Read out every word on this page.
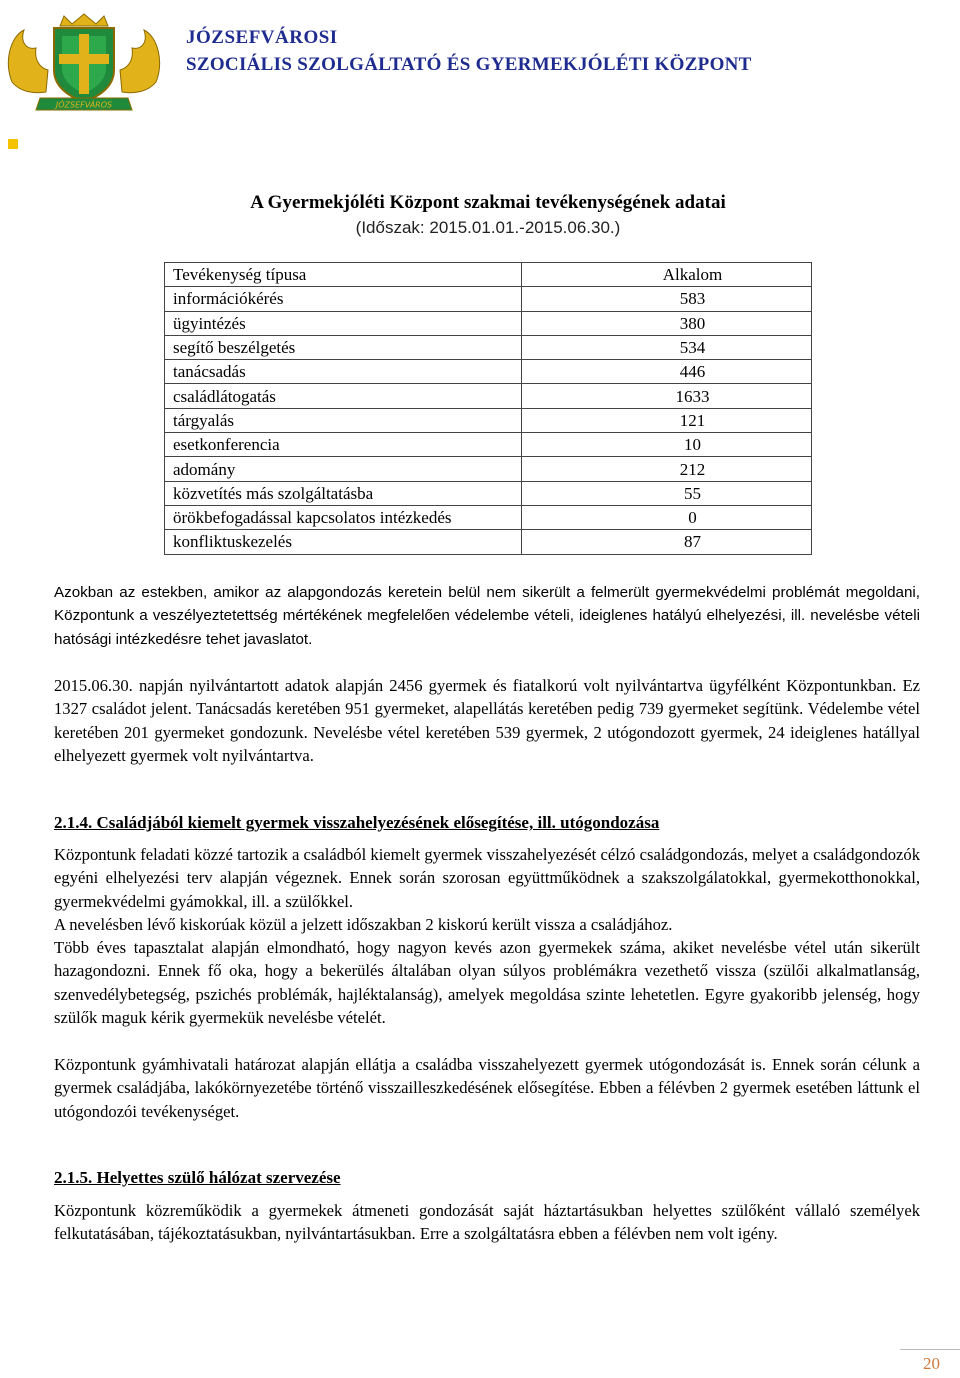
JÓZSEFVÁROS
JÓZSEFVÁROSI
SZOCIÁLIS SZOLGÁLTATÓ ÉS GYERMEKJÓLÉTI KÖZPONT
A Gyermekjóléti Központ szakmai tevékenységének adatai
(Időszak: 2015.01.01.-2015.06.30.)
Tevékenység típusa	Alkalom
információkérés	583
ügyintézés	380
segítő beszélgetés	534
tanácsadás	446
családlátogatás	1633
tárgyalás	121
esetkonferencia	10
adomány	212
közvetítés más szolgáltatásba	55
örökbefogadással kapcsolatos intézkedés	0
konfliktuskezelés	87

Azokban az estekben, amikor az alapgondozás keretein belül nem sikerült a felmerült gyermekvédelmi problémát megoldani, Központunk a veszélyeztetettség mértékének megfelelően védelembe vételi, ideiglenes hatályú elhelyezési, ill. nevelésbe vételi hatósági intézkedésre tehet javaslatot.

2015.06.30. napján nyilvántartott adatok alapján 2456 gyermek és fiatalkorú volt nyilvántartva ügyfélként Központunkban. Ez 1327 családot jelent. Tanácsadás keretében 951 gyermeket, alapellátás keretében pedig 739 gyermeket segítünk. Védelembe vétel keretében 201 gyermeket gondozunk. Nevelésbe vétel keretében 539 gyermek, 2 utógondozott gyermek, 24 ideiglenes hatállyal elhelyezett gyermek volt nyilvántartva.

2.1.4. Családjából kiemelt gyermek visszahelyezésének elősegítése, ill. utógondozása

Központunk feladati közzé tartozik a családból kiemelt gyermek visszahelyezését célzó családgondozás, melyet a családgondozók egyéni elhelyezési terv alapján végeznek. Ennek során szorosan együttműködnek a szakszolgálatokkal, gyermekotthonokkal, gyermekvédelmi gyámokkal, ill. a szülőkkel.

A nevelésben lévő kiskorúak közül a jelzett időszakban 2 kiskorú került vissza a családjához.

Több éves tapasztalat alapján elmondható, hogy nagyon kevés azon gyermekek száma, akiket nevelésbe vétel után sikerült hazagondozni. Ennek fő oka, hogy a bekerülés általában olyan súlyos problémákra vezethető vissza (szülői alkalmatlanság, szenvedélybetegség, pszichés problémák, hajléktalanság), amelyek megoldása szinte lehetetlen. Egyre gyakoribb jelenség, hogy szülők maguk kérik gyermekük nevelésbe vételét.

Központunk gyámhivatali határozat alapján ellátja a családba visszahelyezett gyermek utógondozását is. Ennek során célunk a gyermek családjába, lakókörnyezetébe történő visszailleszkedésének elősegítése. Ebben a félévben 2 gyermek esetében láttunk el utógondozói tevékenységet.

2.1.5. Helyettes szülő hálózat szervezése

Központunk közreműködik a gyermekek átmeneti gondozását saját háztartásukban helyettes szülőként vállaló személyek felkutatásában, tájékoztatásukban, nyilvántartásukban. Erre a szolgáltatásra ebben a félévben nem volt igény.

20
